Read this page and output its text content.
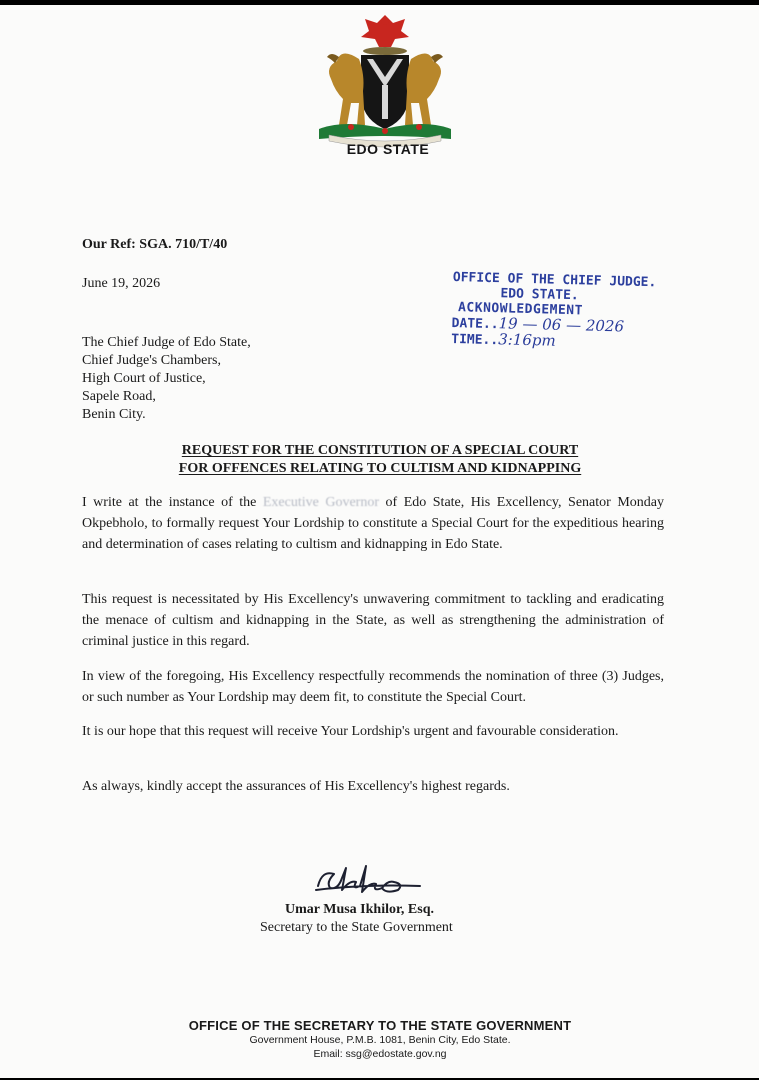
EDO STATE
Our Ref: SGA. 710/T/40
June 19, 2026	OFFICE OF THE CHIEF JUDGE.
EDO STATE.
ACKNOWLEDGEMENT
DATE..19 — 06 — 2026
TIME..3:16pm
The Chief Judge of Edo State,
Chief Judge's Chambers,
High Court of Justice,
Sapele Road,
Benin City.
REQUEST FOR THE CONSTITUTION OF A SPECIAL COURT
FOR OFFENCES RELATING TO CULTISM AND KIDNAPPING
I write at the instance of the Executive Governor of Edo State, His Excellency, Senator Monday Okpebholo, to formally request Your Lordship to constitute a Special Court for the expeditious hearing and determination of cases relating to cultism and kidnapping in Edo State.
This request is necessitated by His Excellency's unwavering commitment to tackling and eradicating the menace of cultism and kidnapping in the State, as well as strengthening the administration of criminal justice in this regard.
In view of the foregoing, His Excellency respectfully recommends the nomination of three (3) Judges, or such number as Your Lordship may deem fit, to constitute the Special Court.
It is our hope that this request will receive Your Lordship's urgent and favourable consideration.
As always, kindly accept the assurances of His Excellency's highest regards.
Umar Musa Ikhilor, Esq.
Secretary to the State Government
OFFICE OF THE SECRETARY TO THE STATE GOVERNMENT
Government House, P.M.B. 1081, Benin City, Edo State.
Email: ssg@edostate.gov.ng
